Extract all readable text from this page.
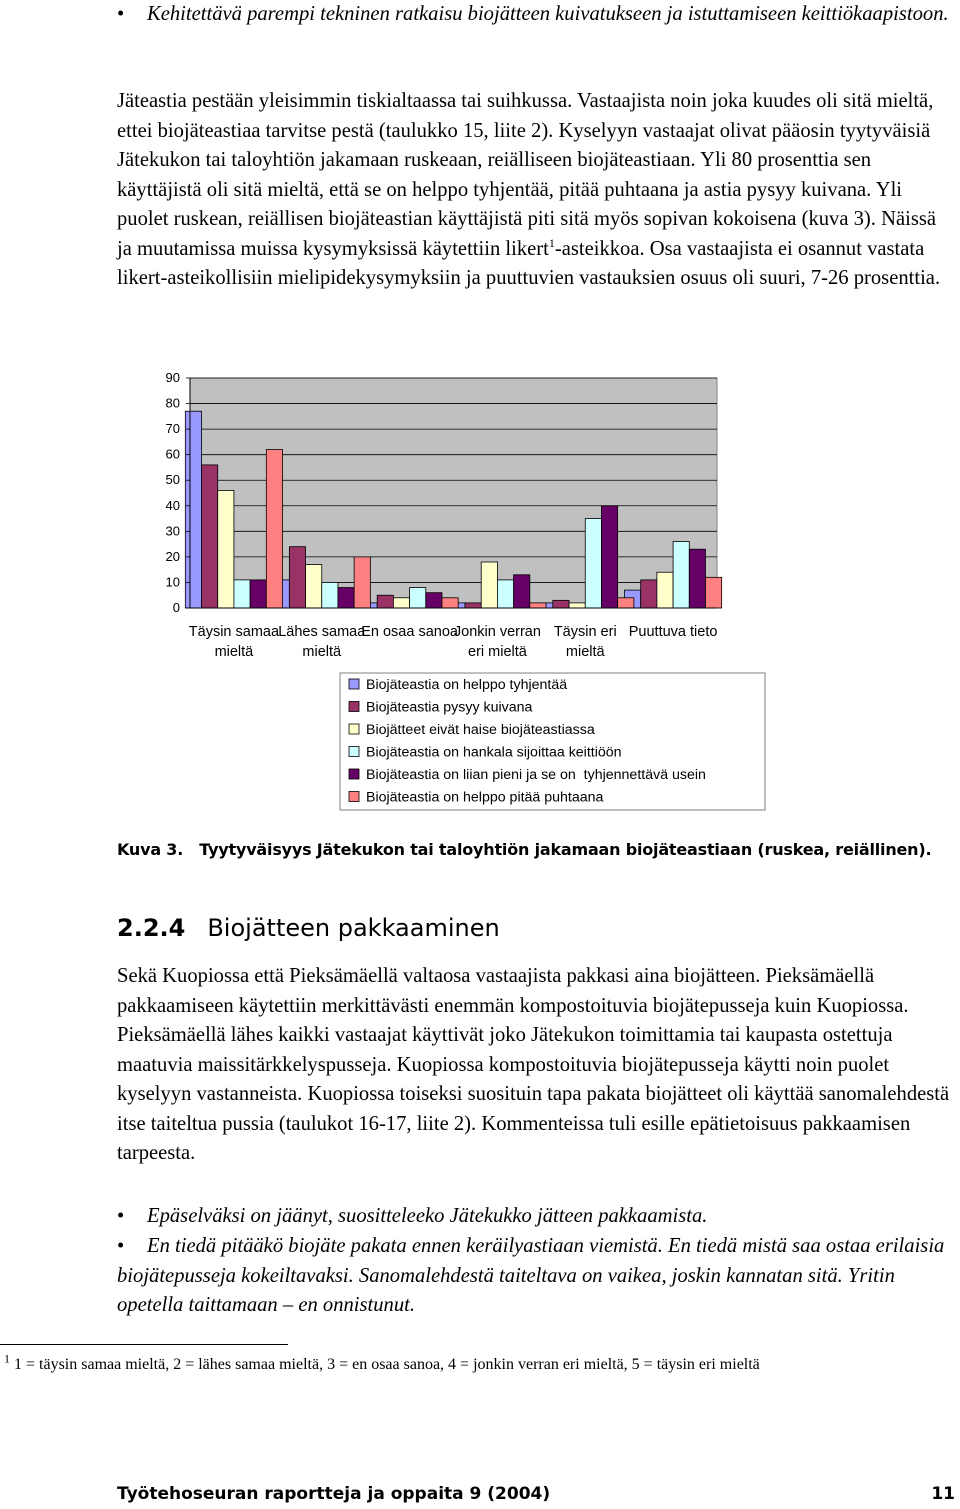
•	Kehitettävä parempi tekninen ratkaisu biojätteen kuivatukseen ja istuttamiseen keittiökaapistoon.

Jäteastia pestään yleisimmin tiskialtaassa tai suihkussa. Vastaajista noin joka kuudes oli sitä mieltä, ettei biojäteastiaa tarvitse pestä (taulukko 15, liite 2). Kyselyyn vastaajat olivat pääosin tyytyväisiä Jätekukon tai taloyhtiön jakamaan ruskeaan, reiälliseen biojäteastiaan. Yli 80 prosenttia sen käyttäjistä oli sitä mieltä, että se on helppo tyhjentää, pitää puhtaana ja astia pysyy kuivana. Yli puolet ruskean, reiällisen biojäteastian käyttäjistä piti sitä myös sopivan kokoisena (kuva 3). Näissä ja muutamissa muissa kysymyksissä käytettiin likert$^1$-asteikkoa. Osa vastaajista ei osannut vastata likert-asteikollisiin mielipidekysymyksiin ja puuttuvien vastauksien osuus oli suuri, 7-26 prosenttia.

0
10
20
30
40
50
60
70
80
90
Täysin samaa mieltä
Lähes samaa mieltä
En osaa sanoa
Jonkin verran eri mieltä
Täysin eri mieltä
Puuttuva tieto
Biojäteastia on helppo tyhjentää
Biojäteastia pysyy kuivana
Biojätteet eivät haise biojäteastiassa
Biojäteastia on hankala sijoittaa keittiöön
Biojäteastia on liian pieni ja se on  tyhjennettävä usein
Biojäteastia on helppo pitää puhtaana
Kuva 3. Tyytyväisyys Jätekukon tai taloyhtiön jakamaan biojäteastiaan (ruskea, reiällinen).
2.2.4 Biojätteen pakkaaminen

Sekä Kuopiossa että Pieksämäellä valtaosa vastaajista pakkasi aina biojätteen. Pieksämäellä pakkaamiseen käytettiin merkittävästi enemmän kompostoituvia biojätepusseja kuin Kuopiossa. Pieksämäellä lähes kaikki vastaajat käyttivät joko Jätekukon toimittamia tai kaupasta ostettuja maatuvia maissitärkkelyspusseja. Kuopiossa kompostoituvia biojätepusseja käytti noin puolet kyselyyn vastanneista. Kuopiossa toiseksi suosituin tapa pakata biojätteet oli käyttää sanomalehdestä itse taiteltua pussia (taulukot 16-17, liite 2). Kommenteissa tuli esille epätietoisuus pakkaamisen tarpeesta.

•	Epäselväksi on jäänyt, suositteleeko Jätekukko jätteen pakkaamista.
•	En tiedä pitääkö biojäte pakata ennen keräilyastiaan viemistä. En tiedä mistä saa ostaa erilaisia biojätepusseja kokeiltavaksi. Sanomalehdestä taiteltava on vaikea, joskin kannatan sitä. Yritin opetella taittamaan – en onnistunut.
$^1$ 1 = täysin samaa mieltä, 2 = lähes samaa mieltä, 3 = en osaa sanoa, 4 = jonkin verran eri mieltä, 5 = täysin eri mieltä
Työtehoseuran raportteja ja oppaita 9 (2004)	11
